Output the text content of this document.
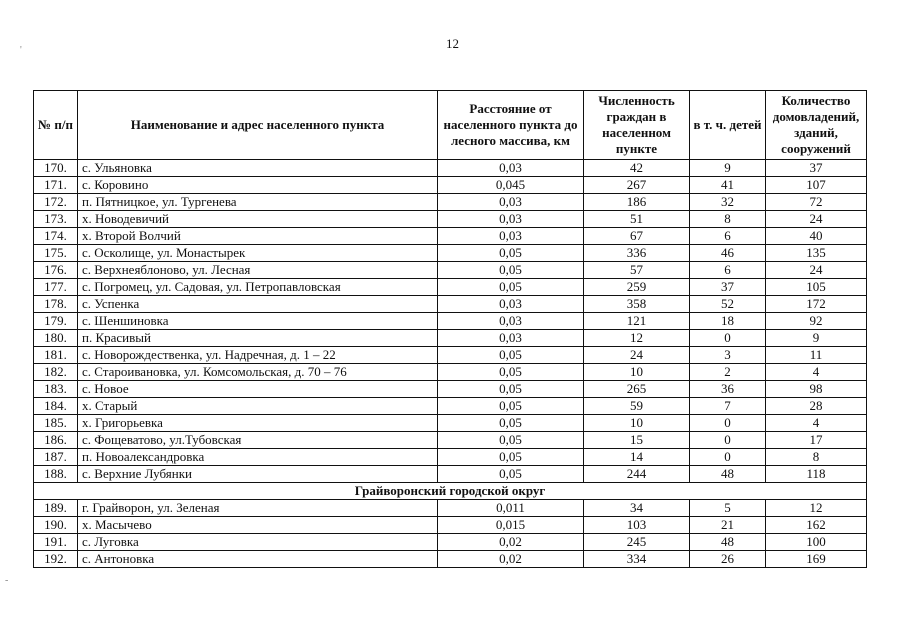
12
№ п/п	Наименование и адрес населенного пункта	Расстояние от населенного пункта до лесного массива, км	Численность граждан в населенном пункте	в т. ч. детей	Количество домовладений, зданий, сооружений
170.	с. Ульяновка	0,03	42	9	37
171.	с. Коровино	0,045	267	41	107
172.	п. Пятницкое, ул. Тургенева	0,03	186	32	72
173.	х. Новодевичий	0,03	51	8	24
174.	х. Второй Волчий	0,03	67	6	40
175.	с. Осколище, ул. Монастырек	0,05	336	46	135
176.	с. Верхнеяблоново, ул. Лесная	0,05	57	6	24
177.	с. Погромец, ул. Садовая, ул. Петропавловская	0,05	259	37	105
178.	с. Успенка	0,03	358	52	172
179.	с. Шеншиновка	0,03	121	18	92
180.	п. Красивый	0,03	12	0	9
181.	с. Новорождественка, ул. Надречная, д. 1 – 22	0,05	24	3	11
182.	с. Староивановка, ул. Комсомольская, д. 70 – 76	0,05	10	2	4
183.	с. Новое	0,05	265	36	98
184.	х. Старый	0,05	59	7	28
185.	х. Григорьевка	0,05	10	0	4
186.	с. Фощеватово, ул.Тубовская	0,05	15	0	17
187.	п. Новоалександровка	0,05	14	0	8
188.	с. Верхние Лубянки	0,05	244	48	118
Грайворонский городской округ					
189.	г. Грайворон, ул. Зеленая	0,011	34	5	12
190.	х. Масычево	0,015	103	21	162
191.	с. Луговка	0,02	245	48	100
192.	с. Антоновка	0,02	334	26	169
'
-
